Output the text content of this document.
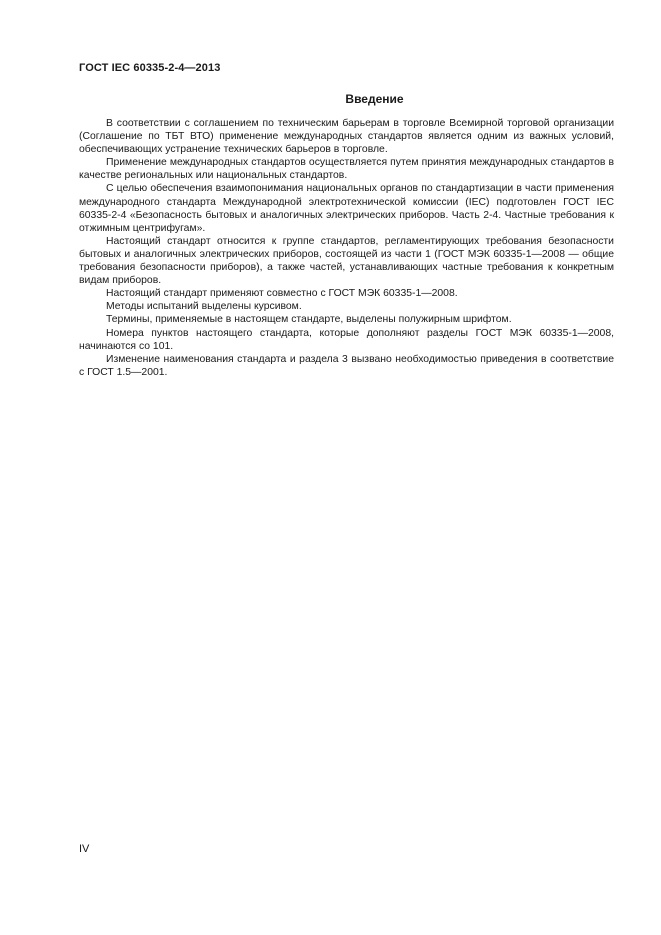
ГОСТ IEC 60335-2-4—2013
Введение

В соответствии с соглашением по техническим барьерам в торговле Всемирной торговой организации (Соглашение по ТБТ ВТО) применение международных стандартов является одним из важных условий, обеспечивающих устранение технических барьеров в торговле.

Применение международных стандартов осуществляется путем принятия международных стандартов в качестве региональных или национальных стандартов.

С целью обеспечения взаимопонимания национальных органов по стандартизации в части применения международного стандарта Международной электротехнической комиссии (IEC) подготовлен ГОСТ IEC 60335-2-4 «Безопасность бытовых и аналогичных электрических приборов. Часть 2-4. Частные требования к отжимным центрифугам».

Настоящий стандарт относится к группе стандартов, регламентирующих требования безопасности бытовых и аналогичных электрических приборов, состоящей из части 1 (ГОСТ МЭК 60335-1—2008 — общие требования безопасности приборов), а также частей, устанавливающих частные требования к конкретным видам приборов.

Настоящий стандарт применяют совместно с ГОСТ МЭК 60335-1—2008.

Методы испытаний выделены курсивом.

Термины, применяемые в настоящем стандарте, выделены полужирным шрифтом.

Номера пунктов настоящего стандарта, которые дополняют разделы ГОСТ МЭК 60335-1—2008, начинаются со 101.

Изменение наименования стандарта и раздела 3 вызвано необходимостью приведения в соответствие с ГОСТ 1.5—2001.

IV
